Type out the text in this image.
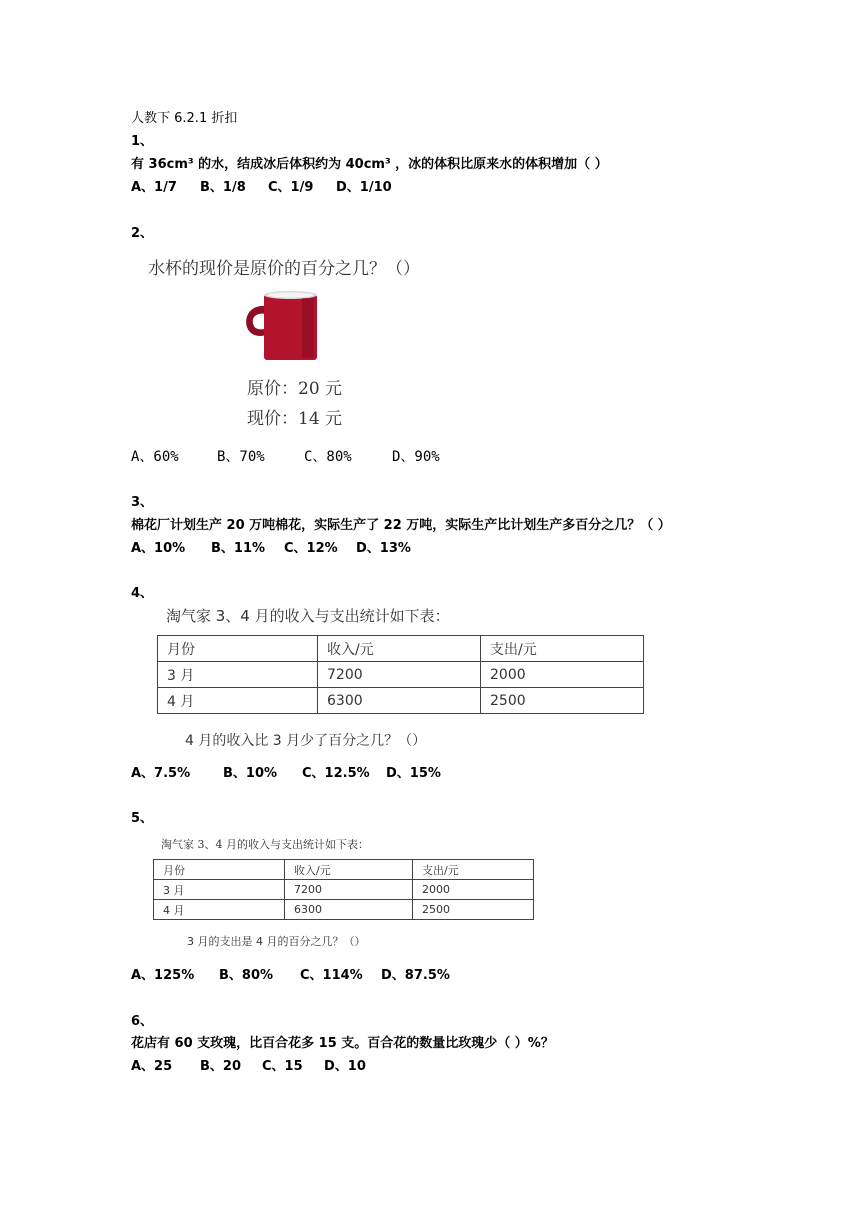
人教下 6.2.1 折扣
1、
有 36cm³ 的水，结成冰后体积约为 40cm³ ，冰的体积比原来水的体积增加（ ）
A、1/7 B、1/8 C、1/9 D、1/10
2、
水杯的现价是原价的百分之几？（）
原价：20 元
现价：14 元
A、60%	B、70%	C、80%	D、90%
3、
棉花厂计划生产 20 万吨棉花，实际生产了 22 万吨，实际生产比计划生产多百分之几？（ ）
A、10% B、11% C、12% D、13%
4、
淘气家 3、4 月的收入与支出统计如下表：
月份	收入/元	支出/元
3 月	7200	2000
4 月	6300	2500
4 月的收入比 3 月少了百分之几？（）
A、7.5%	B、10% C、12.5% D、15%
5、
淘气家 3、4 月的收入与支出统计如下表：
月份	收入/元	支出/元
3 月	7200	2000
4 月	6300	2500
3 月的支出是 4 月的百分之几？（）
A、125% B、80% C、114% D、87.5%
6、
花店有 60 支玫瑰，比百合花多 15 支。百合花的数量比玫瑰少（ ）%？
A、25 B、20 C、15 D、10
